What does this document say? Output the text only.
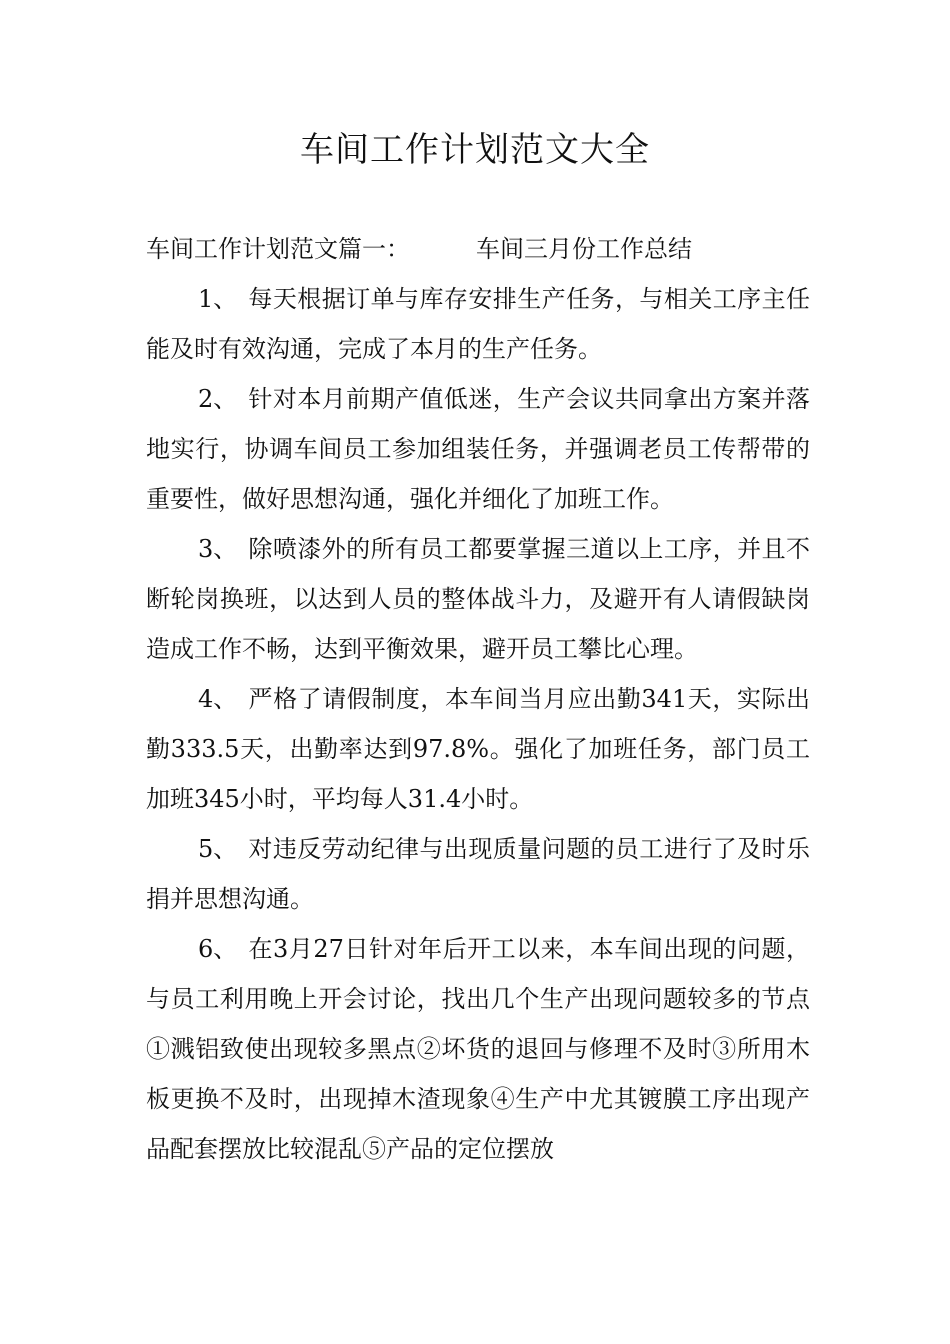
车间工作计划范文大全

车间工作计划范文篇一：	车间三月份工作总结

1、 每天根据订单与库存安排生产任务，与相关工序主任能及时有效沟通，完成了本月的生产任务。

2、 针对本月前期产值低迷，生产会议共同拿出方案并落地实行，协调车间员工参加组装任务，并强调老员工传帮带的重要性，做好思想沟通，强化并细化了加班工作。

3、 除喷漆外的所有员工都要掌握三道以上工序，并且不断轮岗换班，以达到人员的整体战斗力，及避开有人请假缺岗造成工作不畅，达到平衡效果，避开员工攀比心理。

4、 严格了请假制度，本车间当月应出勤341天，实际出勤333.5天，出勤率达到97.8%。强化了加班任务，部门员工加班345小时，平均每人31.4小时。

5、 对违反劳动纪律与出现质量问题的员工进行了及时乐捐并思想沟通。

6、 在3月27日针对年后开工以来，本车间出现的问题，与员工利用晚上开会讨论，找出几个生产出现问题较多的节点①溅铝致使出现较多黑点②坏货的退回与修理不及时③所用木板更换不及时，出现掉木渣现象④生产中尤其镀膜工序出现产品配套摆放比较混乱⑤产品的定位摆放
